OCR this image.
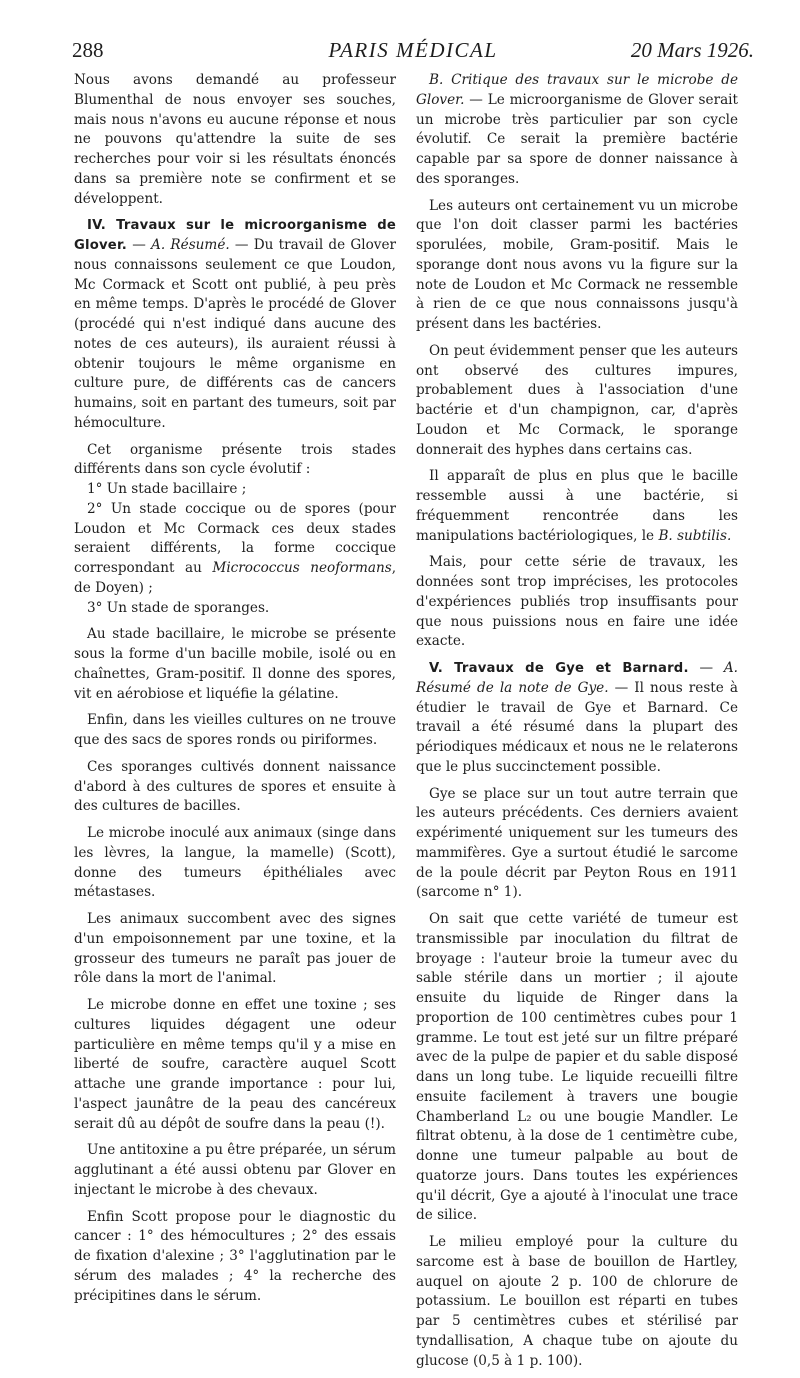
288	PARIS MÉDICAL	20 Mars 1926.

Nous avons demandé au professeur Blumenthal de nous envoyer ses souches, mais nous n'avons eu aucune réponse et nous ne pouvons qu'attendre la suite de ses recherches pour voir si les résultats énoncés dans sa première note se confirment et se développent.

IV. Travaux sur le microorganisme de Glover. — A. Résumé. — Du travail de Glover nous connaissons seulement ce que Loudon, Mc Cormack et Scott ont publié, à peu près en même temps. D'après le procédé de Glover (procédé qui n'est indiqué dans aucune des notes de ces auteurs), ils auraient réussi à obtenir toujours le même organisme en culture pure, de différents cas de cancers humains, soit en partant des tumeurs, soit par hémoculture.

Cet organisme présente trois stades différents dans son cycle évolutif :

1° Un stade bacillaire ;

2° Un stade coccique ou de spores (pour Loudon et Mc Cormack ces deux stades seraient différents, la forme coccique correspondant au Micrococcus neoformans, de Doyen) ;

3° Un stade de sporanges.

Au stade bacillaire, le microbe se présente sous la forme d'un bacille mobile, isolé ou en chaînettes, Gram-positif. Il donne des spores, vit en aérobiose et liquéfie la gélatine.

Enfin, dans les vieilles cultures on ne trouve que des sacs de spores ronds ou piriformes.

Ces sporanges cultivés donnent naissance d'abord à des cultures de spores et ensuite à des cultures de bacilles.

Le microbe inoculé aux animaux (singe dans les lèvres, la langue, la mamelle) (Scott), donne des tumeurs épithéliales avec métastases.

Les animaux succombent avec des signes d'un empoisonnement par une toxine, et la grosseur des tumeurs ne paraît pas jouer de rôle dans la mort de l'animal.

Le microbe donne en effet une toxine ; ses cultures liquides dégagent une odeur particulière en même temps qu'il y a mise en liberté de soufre, caractère auquel Scott attache une grande importance : pour lui, l'aspect jaunâtre de la peau des cancéreux serait dû au dépôt de soufre dans la peau (!).

Une antitoxine a pu être préparée, un sérum agglutinant a été aussi obtenu par Glover en injectant le microbe à des chevaux.

Enfin Scott propose pour le diagnostic du cancer : 1° des hémocultures ; 2° des essais de fixation d'alexine ; 3° l'agglutination par le sérum des malades ; 4° la recherche des précipitines dans le sérum.

B. Critique des travaux sur le microbe de Glover. — Le microorganisme de Glover serait un microbe très particulier par son cycle évolutif. Ce serait la première bactérie capable par sa spore de donner naissance à des sporanges.

Les auteurs ont certainement vu un microbe que l'on doit classer parmi les bactéries sporulées, mobile, Gram-positif. Mais le sporange dont nous avons vu la figure sur la note de Loudon et Mc Cormack ne ressemble à rien de ce que nous connaissons jusqu'à présent dans les bactéries.

On peut évidemment penser que les auteurs ont observé des cultures impures, probablement dues à l'association d'une bactérie et d'un champignon, car, d'après Loudon et Mc Cormack, le sporange donnerait des hyphes dans certains cas.

Il apparaît de plus en plus que le bacille ressemble aussi à une bactérie, si fréquemment rencontrée dans les manipulations bactériologiques, le B. subtilis.

Mais, pour cette série de travaux, les données sont trop imprécises, les protocoles d'expériences publiés trop insuffisants pour que nous puissions nous en faire une idée exacte.

V. Travaux de Gye et Barnard. — A. Résumé de la note de Gye. — Il nous reste à étudier le travail de Gye et Barnard. Ce travail a été résumé dans la plupart des périodiques médicaux et nous ne le relaterons que le plus succinctement possible.

Gye se place sur un tout autre terrain que les auteurs précédents. Ces derniers avaient expérimenté uniquement sur les tumeurs des mammifères. Gye a surtout étudié le sarcome de la poule décrit par Peyton Rous en 1911 (sarcome n° 1).

On sait que cette variété de tumeur est transmissible par inoculation du filtrat de broyage : l'auteur broie la tumeur avec du sable stérile dans un mortier ; il ajoute ensuite du liquide de Ringer dans la proportion de 100 centimètres cubes pour 1 gramme. Le tout est jeté sur un filtre préparé avec de la pulpe de papier et du sable disposé dans un long tube. Le liquide recueilli filtre ensuite facilement à travers une bougie Chamberland L₂ ou une bougie Mandler. Le filtrat obtenu, à la dose de 1 centimètre cube, donne une tumeur palpable au bout de quatorze jours. Dans toutes les expériences qu'il décrit, Gye a ajouté à l'inoculat une trace de silice.

Le milieu employé pour la culture du sarcome est à base de bouillon de Hartley, auquel on ajoute 2 p. 100 de chlorure de potassium. Le bouillon est réparti en tubes par 5 centimètres cubes et stérilisé par tyndallisation, A chaque tube on ajoute du glucose (0,5 à 1 p. 100).
